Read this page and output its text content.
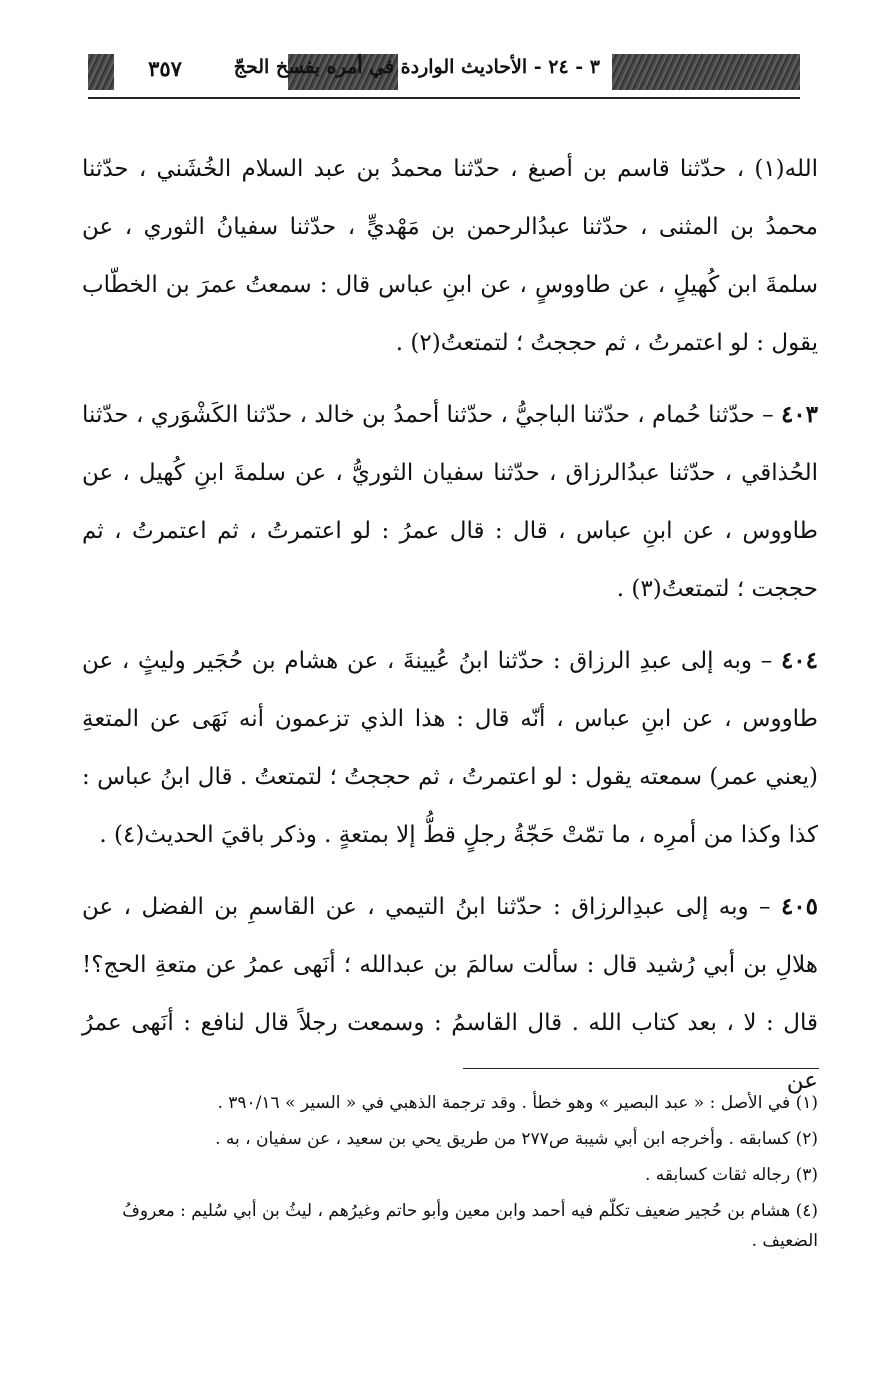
٣ - ٢٤ - الأحاديث الواردة في أمره بفسخ الحجّ
٣٥٧

الله(١) ، حدّثنا قاسم بن أصبغ ، حدّثنا محمدُ بن عبد السلام الخُشَني ، حدّثنا محمدُ بن المثنى ، حدّثنا عبدُالرحمن بن مَهْديٍّ ، حدّثنا سفيانُ الثوري ، عن سلمةَ ابن كُهيلٍ ، عن طاووسٍ ، عن ابنِ عباس قال : سمعتُ عمرَ بن الخطّاب يقول : لو اعتمرتُ ، ثم حججتُ ؛ لتمتعتُ(٢) .

٤٠٣ – حدّثنا حُمام ، حدّثنا الباجيُّ ، حدّثنا أحمدُ بن خالد ، حدّثنا الكَشْوَري ، حدّثنا الحُذاقي ، حدّثنا عبدُالرزاق ، حدّثنا سفيان الثوريُّ ، عن سلمةَ ابنِ كُهيل ، عن طاووس ، عن ابنِ عباس ، قال : قال عمرُ : لو اعتمرتُ ، ثم اعتمرتُ ، ثم حججت ؛ لتمتعتُ(٣) .

٤٠٤ – وبه إلى عبدِ الرزاق : حدّثنا ابنُ عُيينةَ ، عن هشام بن حُجَير وليثٍ ، عن طاووس ، عن ابنِ عباس ، أنّه قال : هذا الذي تزعمون أنه نَهَى عن المتعةِ (يعني عمر) سمعته يقول : لو اعتمرتُ ، ثم حججتُ ؛ لتمتعتُ . قال ابنُ عباس : كذا وكذا من أمرِه ، ما تمّتْ حَجّةُ رجلٍ قطُّ إلا بمتعةٍ . وذكر باقيَ الحديث(٤) .

٤٠٥ – وبه إلى عبدِالرزاق : حدّثنا ابنُ التيمي ، عن القاسمِ بن الفضل ، عن هلالِ بن أبي رُشيد قال : سألت سالمَ بن عبدالله ؛ أنَهى عمرُ عن متعةِ الحج؟! قال : لا ، بعد كتاب الله . قال القاسمُ : وسمعت رجلاً قال لنافع : أنَهى عمرُ عن

(١) في الأصل : « عبد البصير » وهو خطأ . وقد ترجمة الذهبي في « السير » ٣٩٠/١٦ .

(٢) كسابقه . وأخرجه ابن أبي شيبة ص٢٧٧ من طريق يحي بن سعيد ، عن سفيان ، به .

(٣) رجاله ثقات كسابقه .

(٤) هشام بن حُجير ضعيف تكلّم فيه أحمد وابن معين وأبو حاتم وغيرُهم ، ليثُ بن أبي سُليم : معروفُ الضعيف .
